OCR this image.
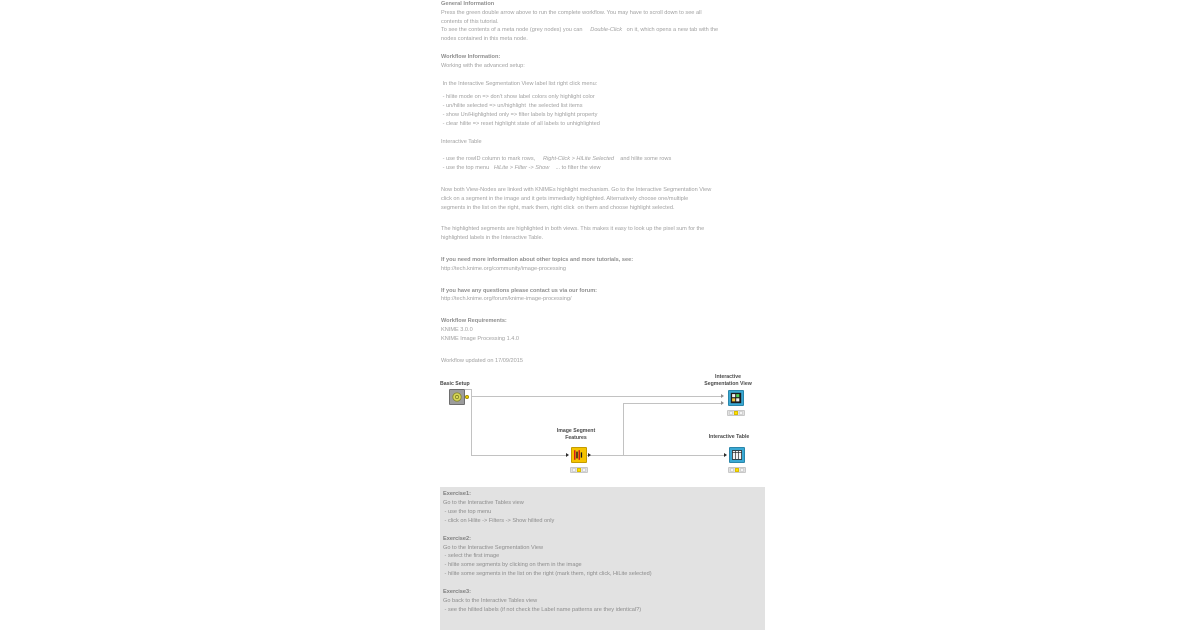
General Information

Press the green double arrow above to run the complete workflow. You may have to scroll down to see all

contents of this tutorial.

To see the contents of a meta node (grey nodes) you can Double-Click on it, which opens a new tab with the

nodes contained in this meta node.

Workflow Information:

Working with the advanced setup:

In the Interactive Segmentation View label list right click menu:

- hilite mode on => don't show label colors only highlight color

- un/hilite selected => un/highlight  the selected list items

- show Un/Highlighted only => filter labels by highlight property

- clear hilite => reset highlight state of all labels to unhighlighted

Interactive Table

- use the rowID column to mark rows, Right-Click > HiLite Selected and hilite some rows

- use the top menu HiLite > Filter -> Show ... to filter the view

Now both View-Nodes are linked with KNIMEs highlight mechanism. Go to the Interactive Segmentation View

click on a segment in the image and it gets immediatly highlighted. Alternatively choose one/multiple

segments in the list on the right, mark them, right click  on them and choose highlight selected.

The highlighted segments are highlighted in both views. This makes it easy to look up the pixel sum for the

highlighted labels in the Interactive Table.

If you need more information about other topics and more tutorials, see:

http://tech.knime.org/community/image-processing

If you have any questions please contact us via our forum:

http://tech.knime.org/forum/knime-image-processing/

Workflow Requirements:

KNIME 3.0.0

KNIME Image Processing 1.4.0

Workflow updated on 17/09/2015

Basic Setup
Interactive
Segmentation View
Image Segment
Features	Interactive Table

Exercise1:

Go to the Interactive Tables view

- use the top menu

- click on Hilite -> Filters -> Show hilited only

Exercise2:

Go to the Interactive Segmentation View

- select the first image

- hilite some segments by clicking on them in the image

- hilite some segments in the list on the right (mark them, right click, HiLite selected)

Exercise3:

Go back to the Interactive Tables view

- see the hilited labels (if not check the Label name patterns are they identical?)
